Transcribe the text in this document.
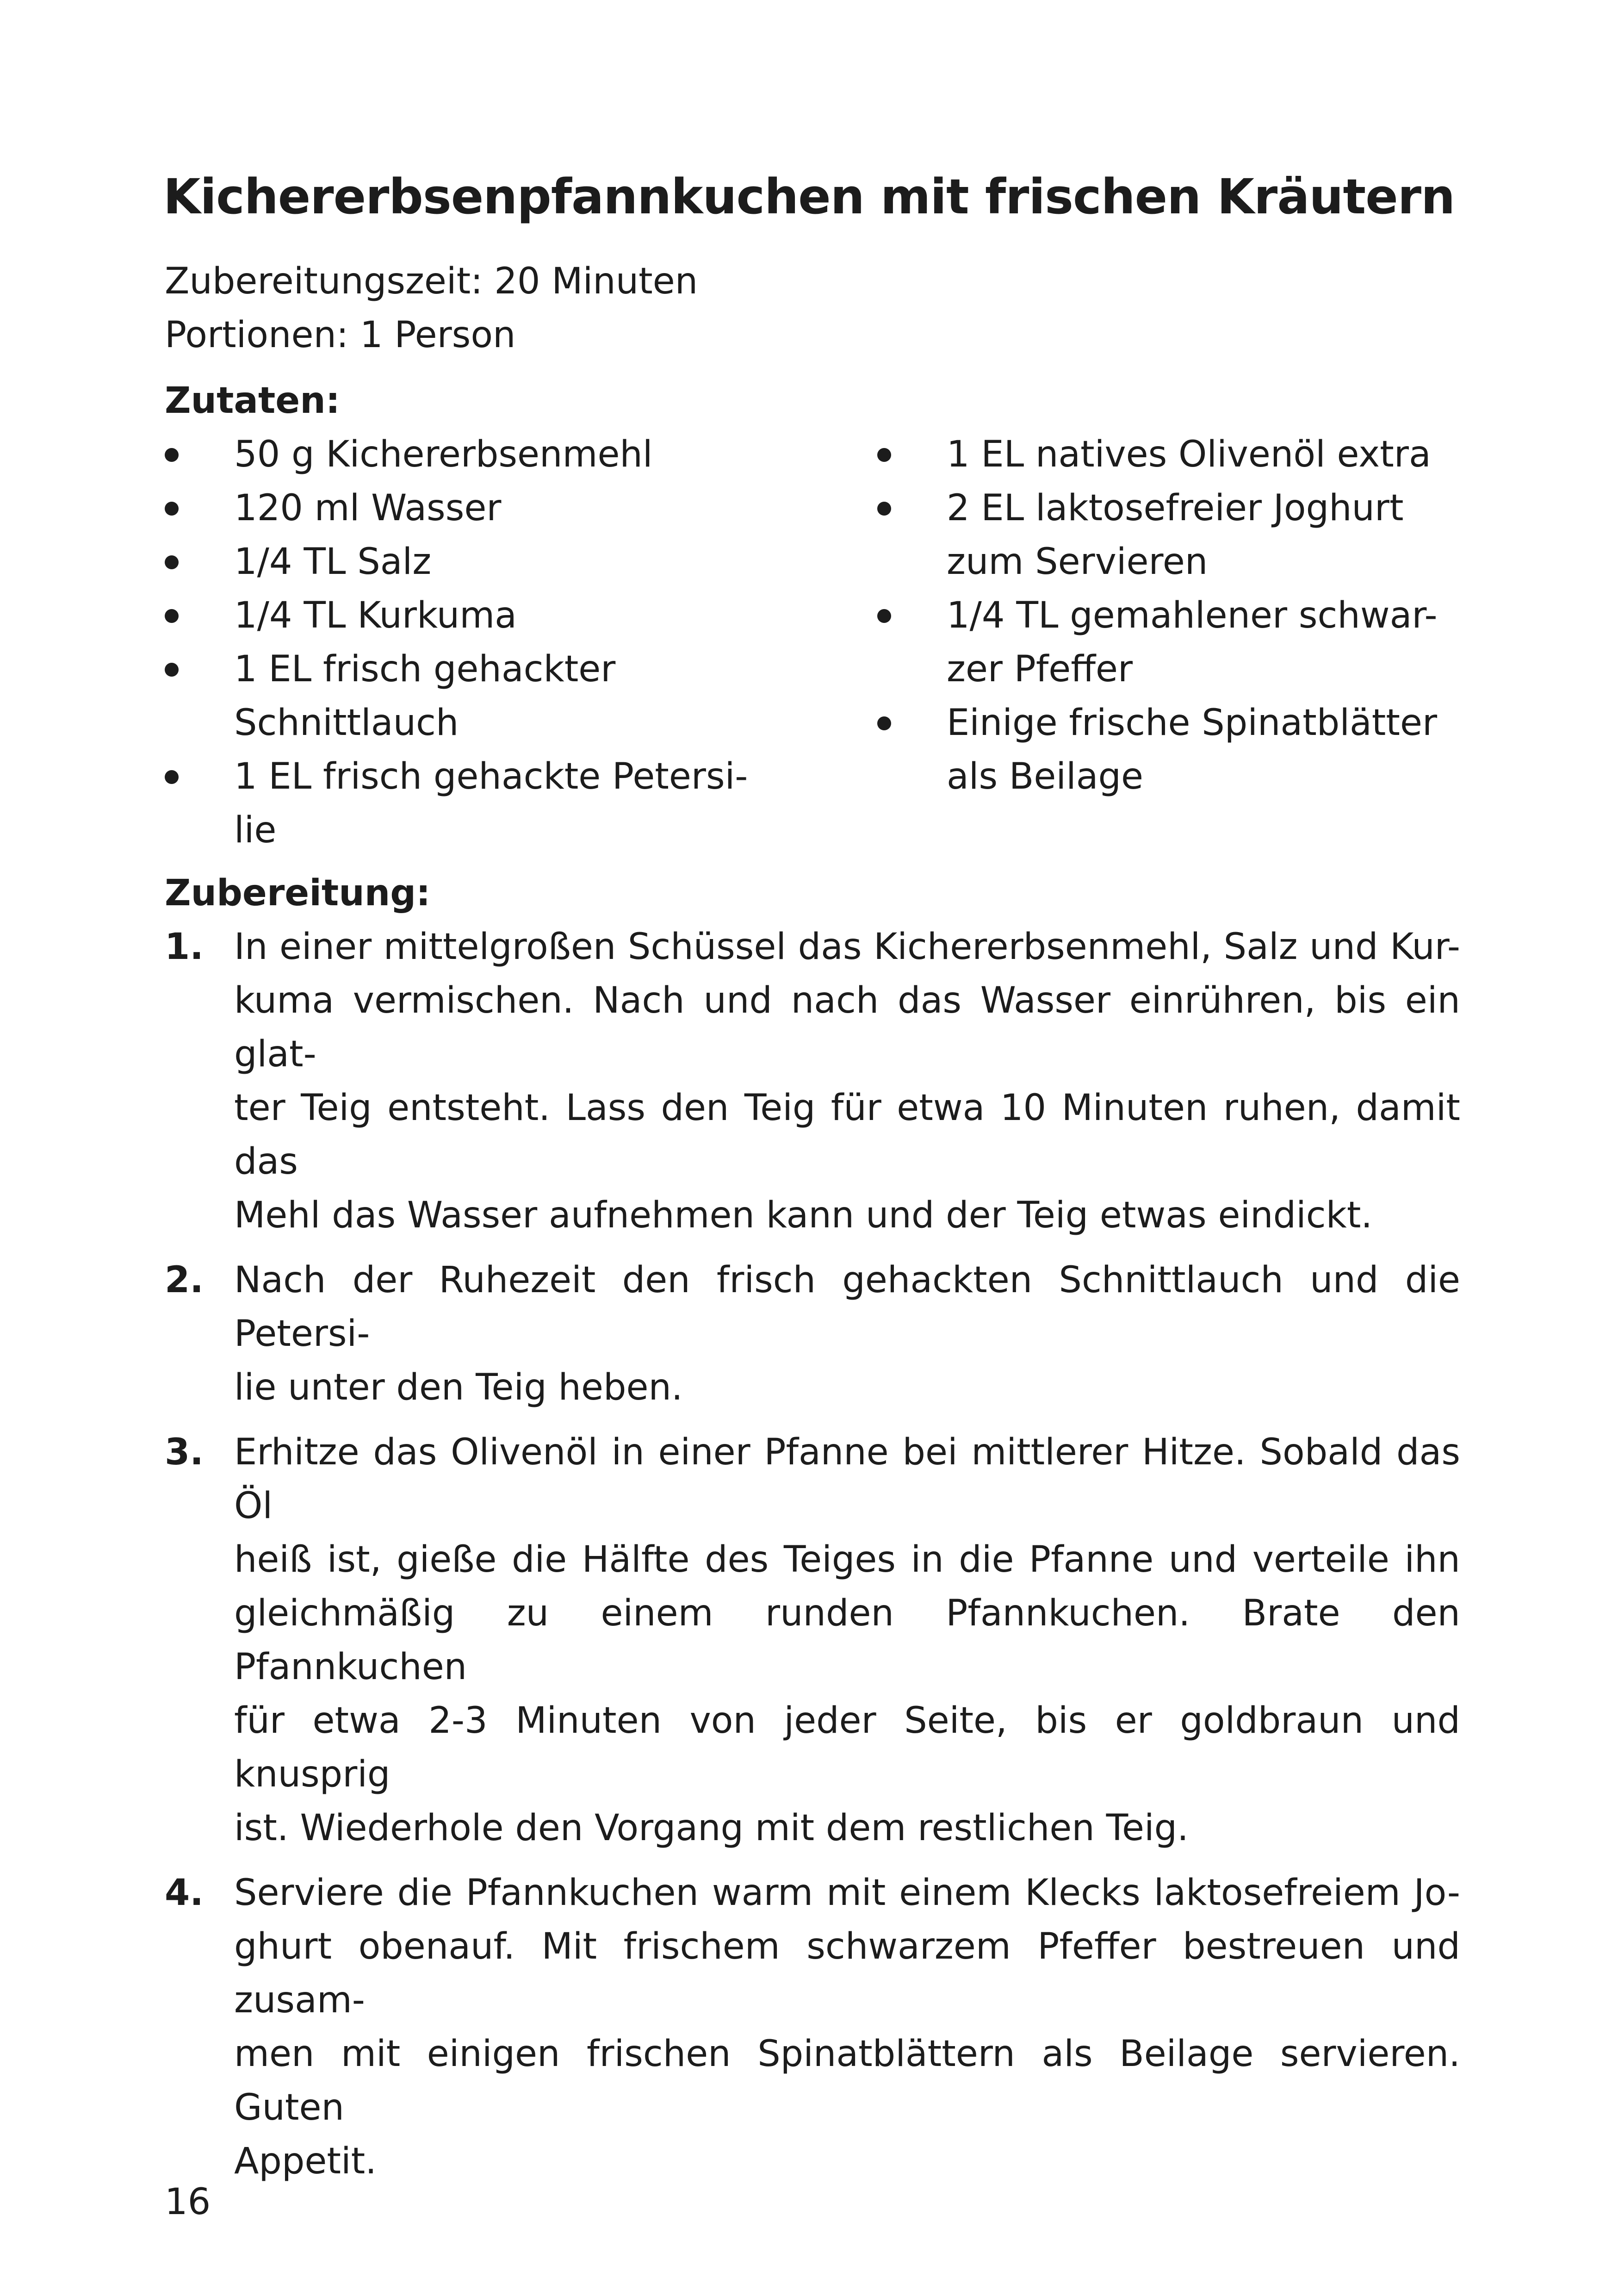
Kichererbsenpfannkuchen mit frischen Kräutern
Zubereitungszeit: 20 Minuten
Portionen: 1 Person
Zutaten:
50 g Kichererbsenmehl
120 ml Wasser
1/4 TL Salz
1/4 TL Kurkuma
1 EL frisch gehackter
Schnittlauch
1 EL frisch gehackte Petersi-
lie
1 EL natives Olivenöl extra
2 EL laktosefreier Joghurt
zum Servieren
1/4 TL gemahlener schwar-
zer Pfeffer
Einige frische Spinatblätter
als Beilage
Zubereitung:
1. In einer mittelgroßen Schüssel das Kichererbsenmehl, Salz und Kur-
kuma vermischen. Nach und nach das Wasser einrühren, bis ein glat-
ter Teig entsteht. Lass den Teig für etwa 10 Minuten ruhen, damit das
Mehl das Wasser aufnehmen kann und der Teig etwas eindickt.
2. Nach der Ruhezeit den frisch gehackten Schnittlauch und die Petersi-
lie unter den Teig heben.
3. Erhitze das Olivenöl in einer Pfanne bei mittlerer Hitze. Sobald das Öl
heiß ist, gieße die Hälfte des Teiges in die Pfanne und verteile ihn
gleichmäßig zu einem runden Pfannkuchen. Brate den Pfannkuchen
für etwa 2-3 Minuten von jeder Seite, bis er goldbraun und knusprig
ist. Wiederhole den Vorgang mit dem restlichen Teig.
4. Serviere die Pfannkuchen warm mit einem Klecks laktosefreiem Jo-
ghurt obenauf. Mit frischem schwarzem Pfeffer bestreuen und zusam-
men mit einigen frischen Spinatblättern als Beilage servieren. Guten
Appetit.
16
